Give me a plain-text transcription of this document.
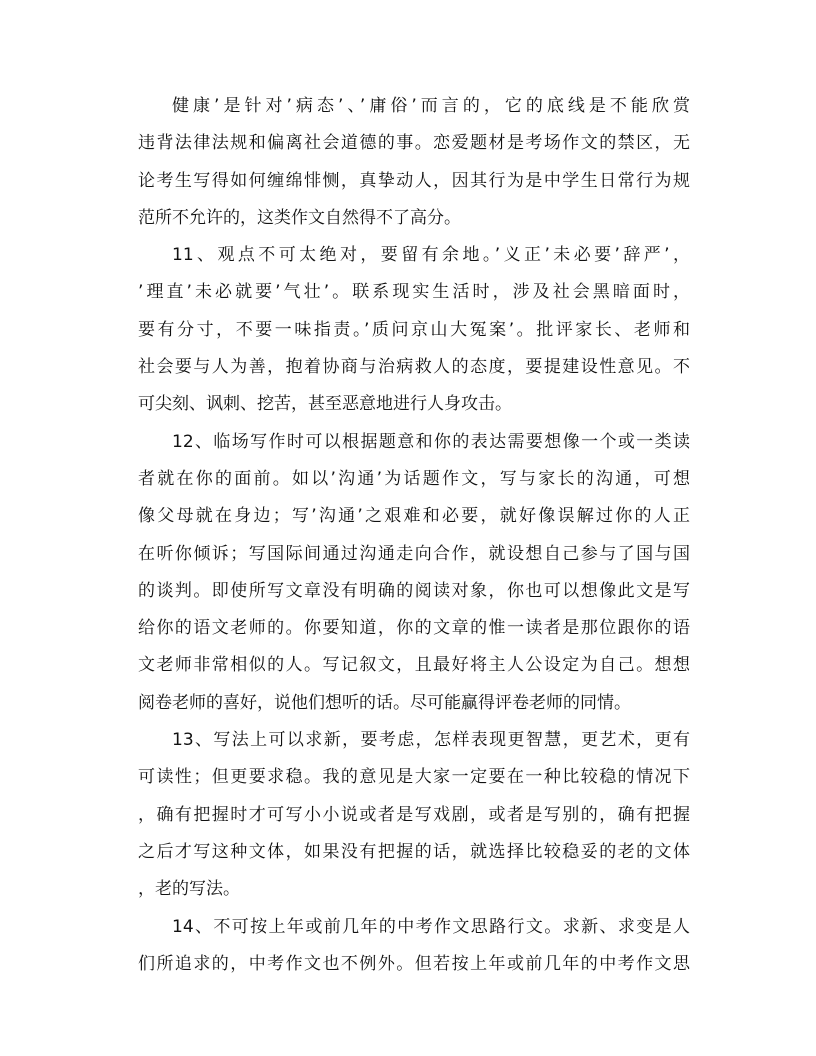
健康’是针对’病态’、’庸俗’而言的，它的底线是不能欣赏
违背法律法规和偏离社会道德的事。恋爱题材是考场作文的禁区，无
论考生写得如何缠绵悱恻，真挚动人，因其行为是中学生日常行为规
范所不允许的，这类作文自然得不了高分。
11、观点不可太绝对，要留有余地。’义正’未必要’辞严’，
’理直’未必就要’气壮’。联系现实生活时，涉及社会黑暗面时，
要有分寸，不要一味指责。’质问京山大冤案’。批评家长、老师和
社会要与人为善，抱着协商与治病救人的态度，要提建设性意见。不
可尖刻、讽刺、挖苦，甚至恶意地进行人身攻击。
12、临场写作时可以根据题意和你的表达需要想像一个或一类读
者就在你的面前。如以’沟通’为话题作文，写与家长的沟通，可想
像父母就在身边；写’沟通’之艰难和必要，就好像误解过你的人正
在听你倾诉；写国际间通过沟通走向合作，就设想自己参与了国与国
的谈判。即使所写文章没有明确的阅读对象，你也可以想像此文是写
给你的语文老师的。你要知道，你的文章的惟一读者是那位跟你的语
文老师非常相似的人。写记叙文，且最好将主人公设定为自己。想想
阅卷老师的喜好，说他们想听的话。尽可能赢得评卷老师的同情。
13、写法上可以求新，要考虑，怎样表现更智慧，更艺术，更有
可读性；但更要求稳。我的意见是大家一定要在一种比较稳的情况下
，确有把握时才可写小小说或者是写戏剧，或者是写别的，确有把握
之后才写这种文体，如果没有把握的话，就选择比较稳妥的老的文体
，老的写法。
14、不可按上年或前几年的中考作文思路行文。求新、求变是人
们所追求的，中考作文也不例外。但若按上年或前几年的中考作文思
